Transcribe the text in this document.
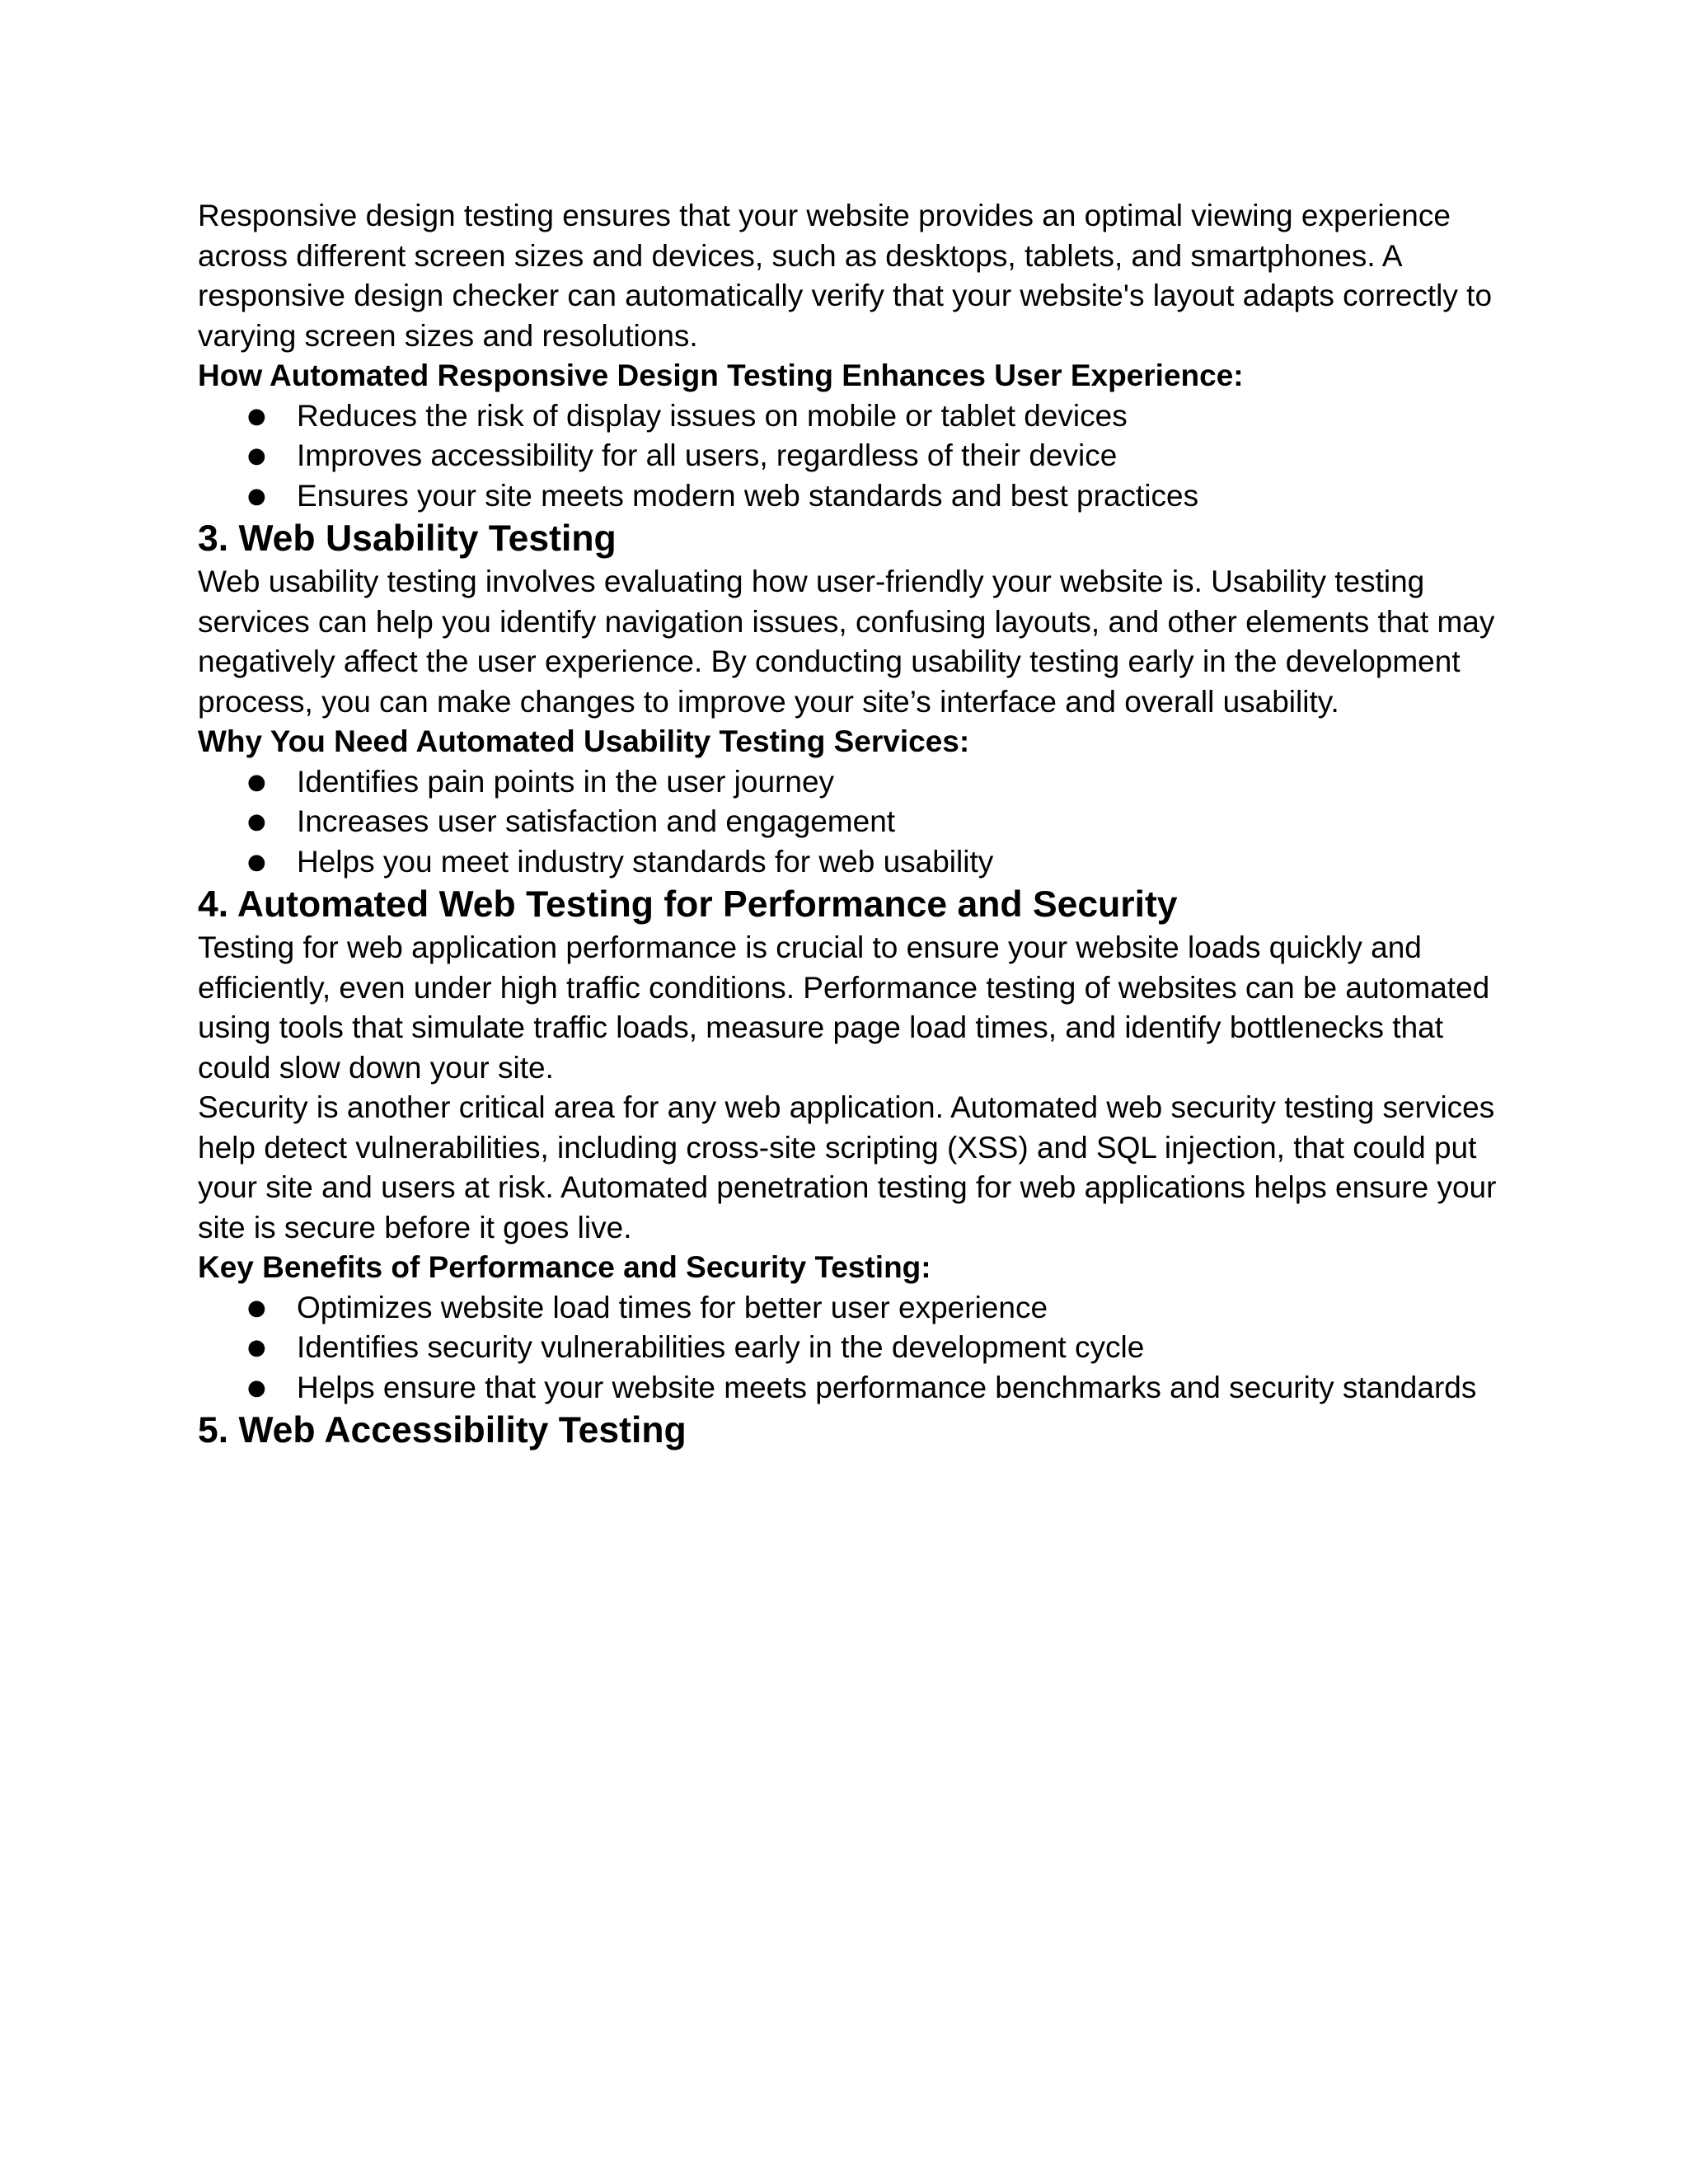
Responsive design testing ensures that your website provides an optimal viewing experience across different screen sizes and devices, such as desktops, tablets, and smartphones. A responsive design checker can automatically verify that your website's layout adapts correctly to varying screen sizes and resolutions.

How Automated Responsive Design Testing Enhances User Experience:

● Reduces the risk of display issues on mobile or tablet devices
● Improves accessibility for all users, regardless of their device
● Ensures your site meets modern web standards and best practices
3. Web Usability Testing

Web usability testing involves evaluating how user-friendly your website is. Usability testing services can help you identify navigation issues, confusing layouts, and other elements that may negatively affect the user experience. By conducting usability testing early in the development process, you can make changes to improve your site’s interface and overall usability.

Why You Need Automated Usability Testing Services:

● Identifies pain points in the user journey
● Increases user satisfaction and engagement
● Helps you meet industry standards for web usability
4. Automated Web Testing for Performance and Security

Testing for web application performance is crucial to ensure your website loads quickly and efficiently, even under high traffic conditions. Performance testing of websites can be automated using tools that simulate traffic loads, measure page load times, and identify bottlenecks that could slow down your site.

Security is another critical area for any web application. Automated web security testing services help detect vulnerabilities, including cross-site scripting (XSS) and SQL injection, that could put your site and users at risk. Automated penetration testing for web applications helps ensure your site is secure before it goes live.

Key Benefits of Performance and Security Testing:

● Optimizes website load times for better user experience
● Identifies security vulnerabilities early in the development cycle
● Helps ensure that your website meets performance benchmarks and security standards
5. Web Accessibility Testing
